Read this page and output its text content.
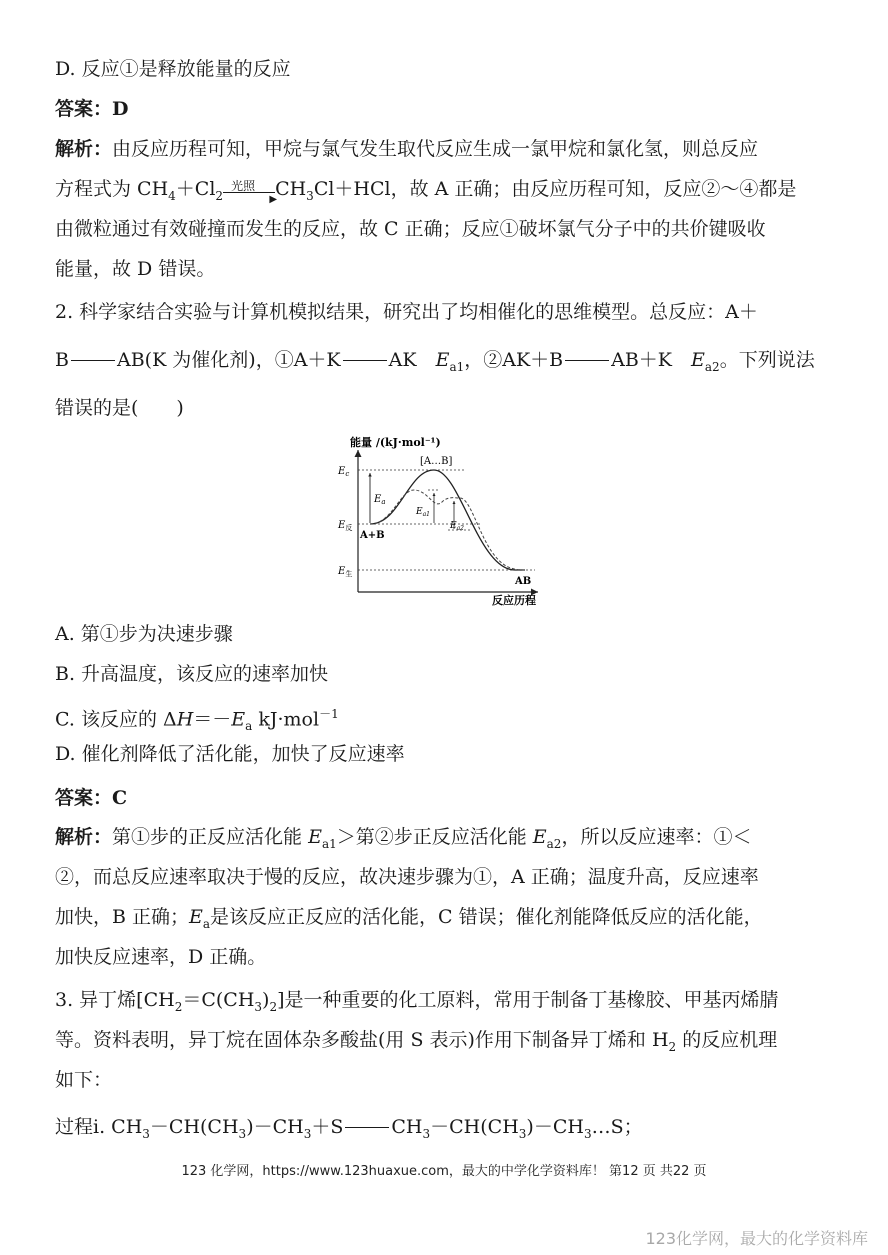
D. 反应①是释放能量的反应
答案：D
解析：由反应历程可知，甲烷与氯气发生取代反应生成一氯甲烷和氯化氢，则总反应
方程式为 $CH_4+Cl_2$
光照
▶
$CH_3Cl+HCl$，故 A 正确；由反应历程可知，反应②～④都是
由微粒通过有效碰撞而发生的反应，故 C 正确；反应①破坏氯气分子中的共价键吸收
能量，故 D 错误。
2. 科学家结合实验与计算机模拟结果，研究出了均相催化的思维模型。总反应：A＋
B	AB(K 为催化剂)，①A＋K	AK  $E_{a1}$，②AK＋B	AB＋K  $E_{a2}$。下列说法
错误的是(　　)
能量 /(kJ·mol⁻¹)
反应历程
$E_c$
$E_反$
$E_生$
$E_a$
[A…B]
A+B
AB
$E_{a1}$
$E_{a2}$
A. 第①步为决速步骤
B. 升高温度，该反应的速率加快
C. 该反应的 $\Delta H=-E_a$ kJ·mol$^{-1}$
D. 催化剂降低了活化能，加快了反应速率
答案：C
解析：第①步的正反应活化能 $E_{a1}>$第②步正反应活化能 $E_{a2}$，所以反应速率：①＜
②，而总反应速率取决于慢的反应，故决速步骤为①，A 正确；温度升高，反应速率
加快，B 正确；$E_a$是该反应正反应的活化能，C 错误；催化剂能降低反应的活化能，
加快反应速率，D 正确。
3. 异丁烯$[CH_2=C(CH_3)_2]$是一种重要的化工原料，常用于制备丁基橡胶、甲基丙烯腈
等。资料表明，异丁烷在固体杂多酸盐(用 S 表示)作用下制备异丁烯和 $H_2$ 的反应机理
如下：
过程i. $CH_3-CH(CH_3)-CH_3+S$	$CH_3-CH(CH_3)-CH_3\dots S$；
123 化学网，https://www.123huaxue.com，最大的中学化学资料库！ 第12 页 共22 页
123化学网，最大的化学资料库
